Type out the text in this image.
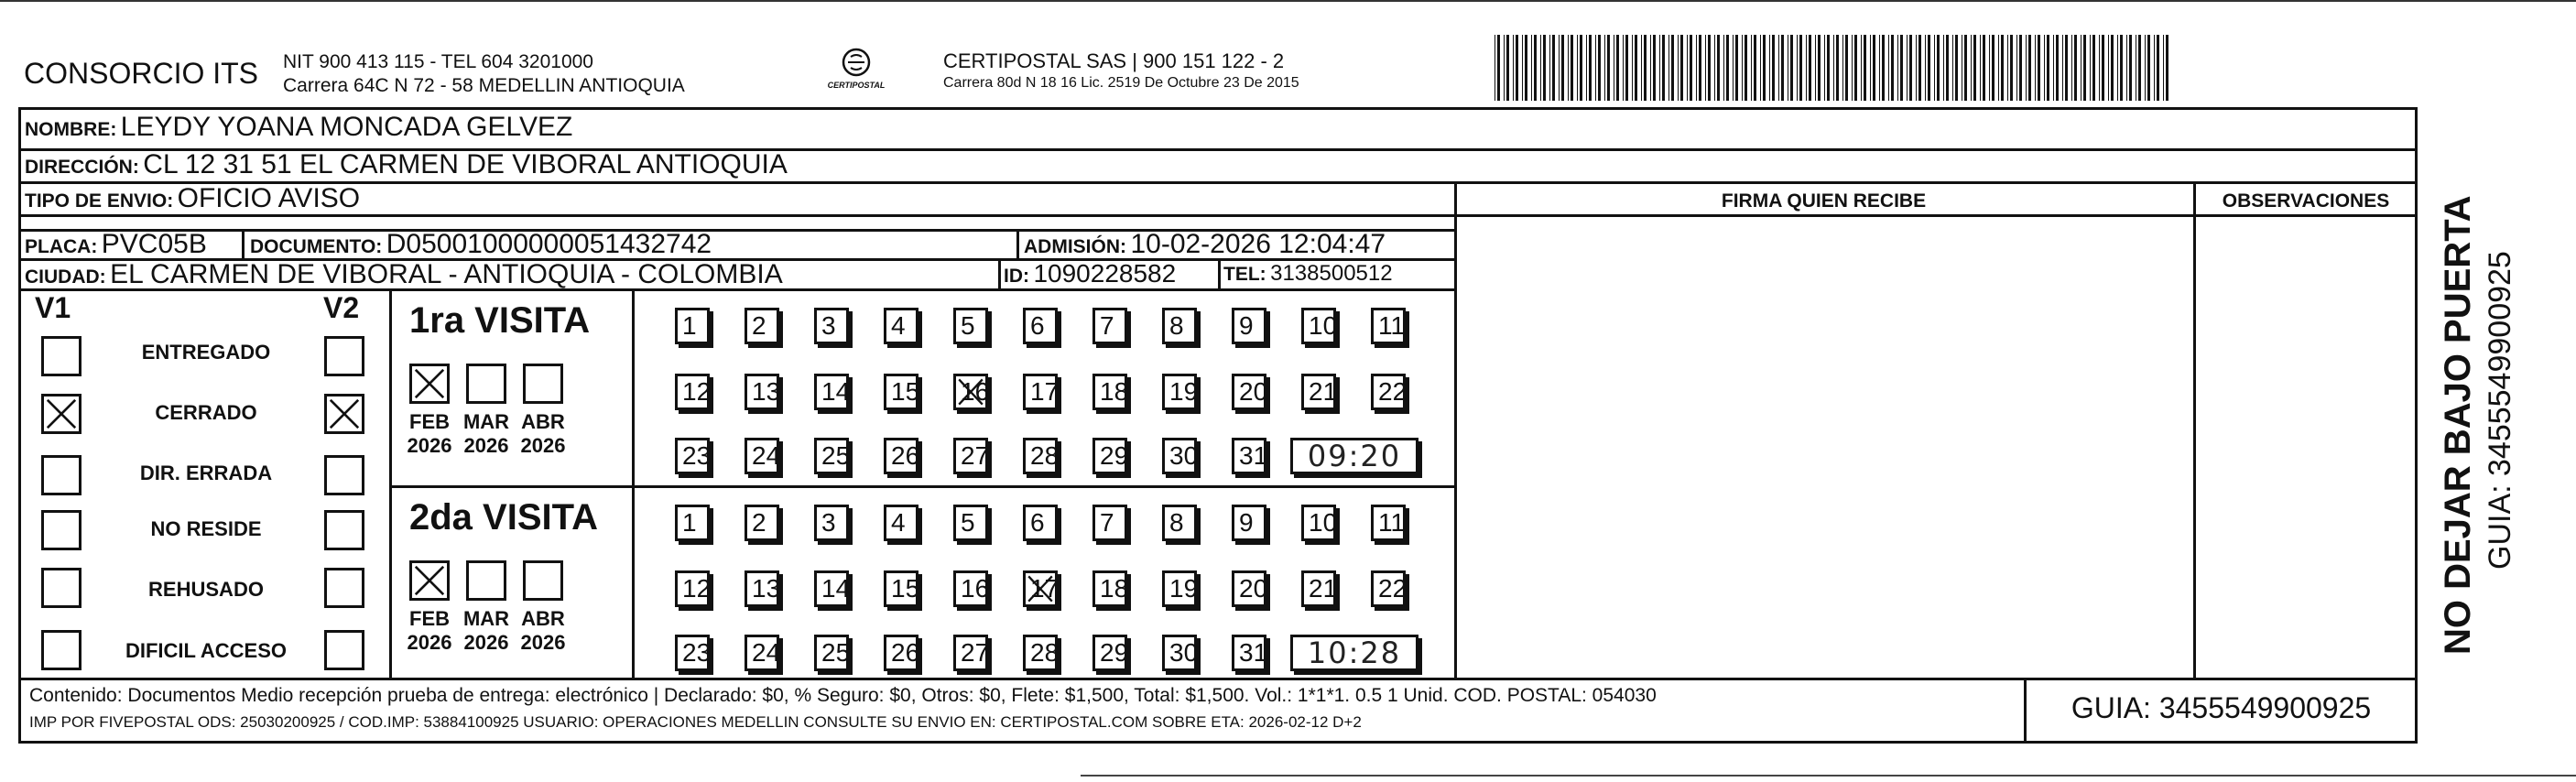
CONSORCIO ITS NIT 900 413 115 - TEL 604 3201000
Carrera 64C N 72 - 58 MEDELLIN ANTIOQUIA	CERTIPOSTAL
CERTIPOSTAL SAS | 900 151 122 - 2
Carrera 80d N 18 16 Lic. 2519 De Octubre 23 De 2015
NOMBRE: LEYDY YOANA MONCADA GELVEZ
DIRECCIÓN: CL 12 31 51 EL CARMEN DE VIBORAL ANTIOQUIA
TIPO DE ENVIO: OFICIO AVISO	FIRMA QUIEN RECIBE	OBSERVACIONES
PLACA: PVC05B DOCUMENTO: D05001000000051432742	ADMISIÓN: 10-02-2026 12:04:47
CIUDAD: EL CARMEN DE VIBORAL - ANTIOQUIA - COLOMBIA	ID: 1090228582 TEL: 3138500512
V1	V2
ENTREGADO
CERRADO
DIR. ERRADA
NO RESIDE
REHUSADO
DIFICIL ACCESO
1ra VISITA
FEB
2026
MAR
2026
ABR
2026
1	2	3	4	5	6	7	8	9	10 11
12 13 14 15 16 17 18 19 20 21 22
23 24 25 26 27 28 29 30 31	09:20
2da VISITA
FEB
2026
MAR
2026
ABR
2026
1	2	3	4	5	6	7	8	9	10 11
12 13 14 15 16 17 18 19 20 21 22
23 24 25 26 27 28 29 30 31	10:28
Contenido: Documentos Medio recepción prueba de entrega: electrónico | Declarado: $0, % Seguro: $0, Otros: $0, Flete: $1,500, Total: $1,500. Vol.: 1*1*1. 0.5 1 Unid. COD. POSTAL: 054030
IMP POR FIVEPOSTAL ODS: 25030200925 / COD.IMP: 53884100925 USUARIO: OPERACIONES MEDELLIN CONSULTE SU ENVIO EN: CERTIPOSTAL.COM SOBRE ETA: 2026-02-12 D+2	GUIA: 3455549900925
NO DEJAR BAJO PUERTA GUIA: 3455549900925
